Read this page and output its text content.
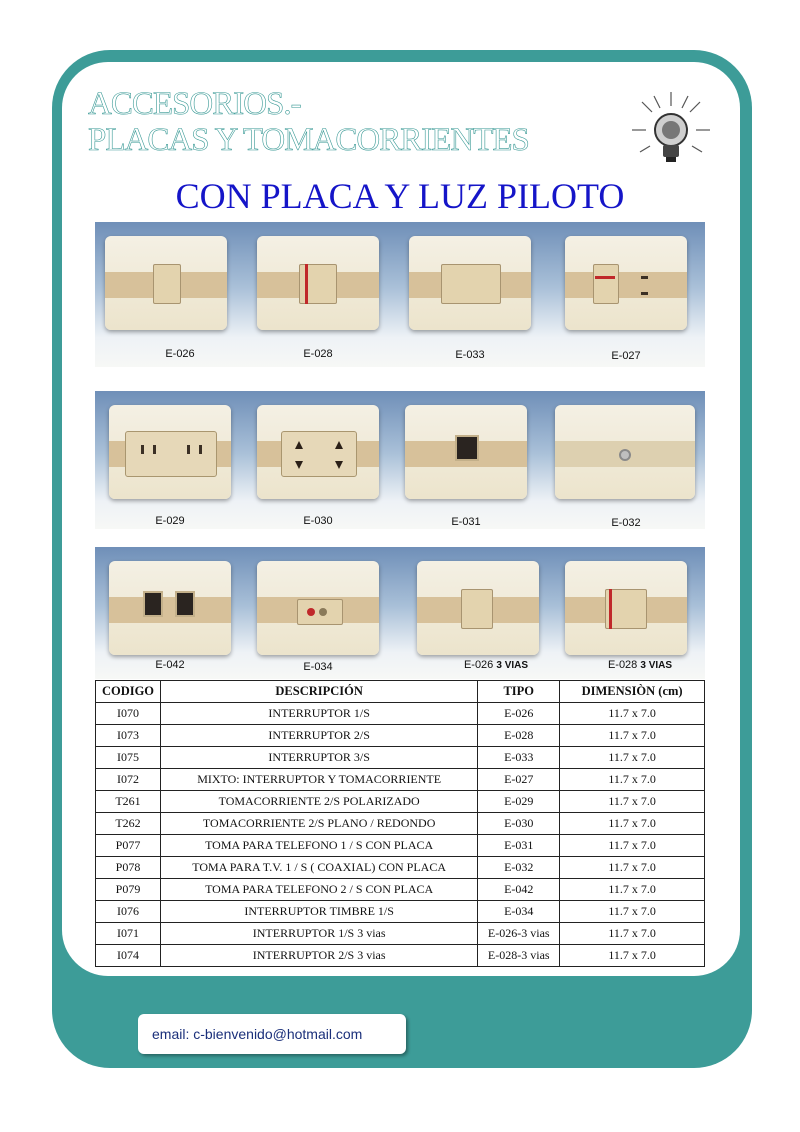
ACCESORIOS.-
PLACAS Y TOMACORRIENTES
CON PLACA Y LUZ PILOTO
E-026	E-028	E-033	E-027
E-029	E-030	E-031	E-032
E-042	E-034	E-026 3 VIAS	E-028 3 VIAS
CODIGO	DESCRIPCIÓN	TIPO	DIMENSIÒN (cm)
I070	INTERRUPTOR 1/S	E-026	11.7 x 7.0
I073	INTERRUPTOR 2/S	E-028	11.7 x 7.0
I075	INTERRUPTOR 3/S	E-033	11.7 x 7.0
I072	MIXTO: INTERRUPTOR Y TOMACORRIENTE	E-027	11.7 x 7.0
T261	TOMACORRIENTE 2/S POLARIZADO	E-029	11.7 x 7.0
T262	TOMACORRIENTE 2/S PLANO / REDONDO	E-030	11.7 x 7.0
P077	TOMA PARA TELEFONO 1 / S CON PLACA	E-031	11.7 x 7.0
P078	TOMA PARA T.V. 1 / S ( COAXIAL) CON PLACA	E-032	11.7 x 7.0
P079	TOMA PARA TELEFONO 2 / S CON PLACA	E-042	11.7 x 7.0
I076	INTERRUPTOR TIMBRE 1/S	E-034	11.7 x 7.0
I071	INTERRUPTOR 1/S 3 vias	E-026-3 vias	11.7 x 7.0
I074	INTERRUPTOR 2/S 3 vias	E-028-3 vias	11.7 x 7.0
email: c-bienvenido@hotmail.com
